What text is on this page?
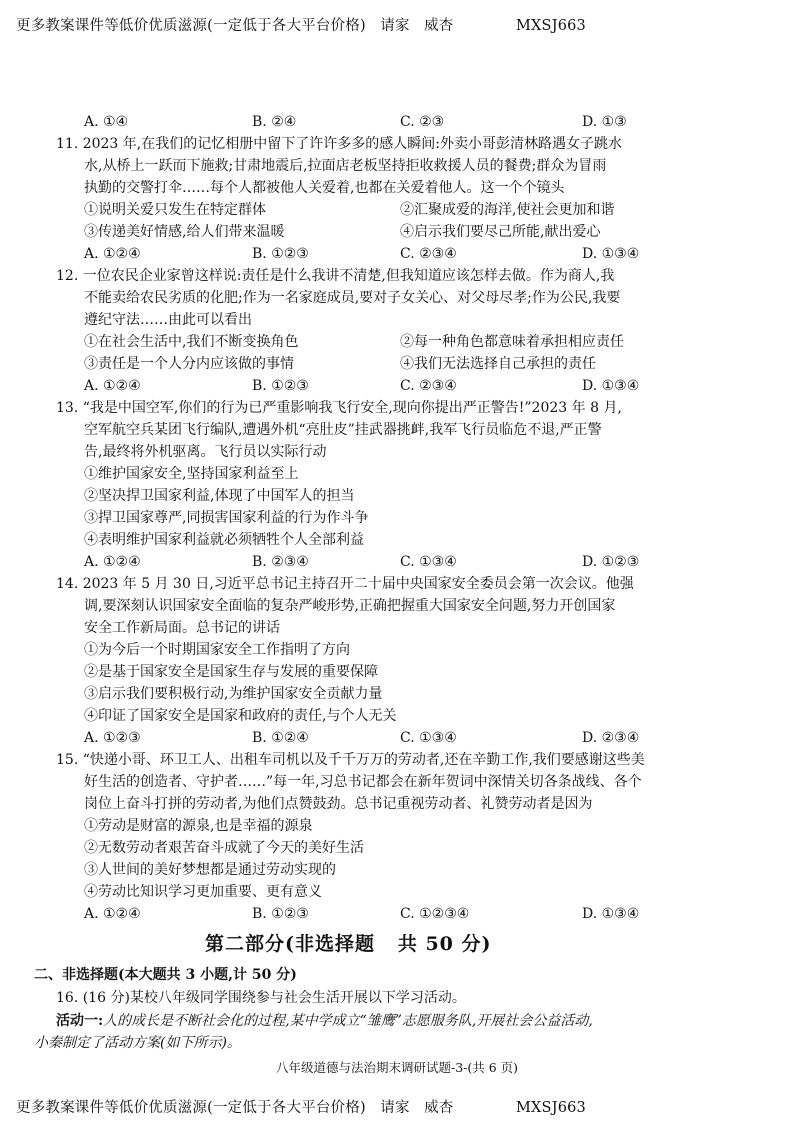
更多教案课件等低价优质滋源(一定低于各大平台价格)   请家   威杏             MXSJ663
A. ①④	B. ②④	C. ②③	D. ①③
11. 2023 年,在我们的记忆相册中留下了许许多多的感人瞬间:外卖小哥彭清林路遇女子跳水
水,从桥上一跃而下施救;甘肃地震后,拉面店老板坚持拒收救援人员的餐费;群众为冒雨
执勤的交警打伞……每个人都被他人关爱着,也都在关爱着他人。这一个个镜头
①说明关爱只发生在特定群体	②汇聚成爱的海洋,使社会更加和谐
③传递美好情感,给人们带来温暖	④启示我们要尽己所能,献出爱心
A. ①②④	B. ①②③	C. ②③④	D. ①③④
12. 一位农民企业家曾这样说:责任是什么我讲不清楚,但我知道应该怎样去做。作为商人,我
不能卖给农民劣质的化肥;作为一名家庭成员,要对子女关心、对父母尽孝;作为公民,我要
遵纪守法……由此可以看出
①在社会生活中,我们不断变换角色	②每一种角色都意味着承担相应责任
③责任是一个人分内应该做的事情	④我们无法选择自己承担的责任
A. ①②④	B. ①②③	C. ②③④	D. ①③④
13. “我是中国空军,你们的行为已严重影响我飞行安全,现向你提出严正警告!”2023 年 8 月,
空军航空兵某团飞行编队,遭遇外机“亮肚皮”挂武器挑衅,我军飞行员临危不退,严正警
告,最终将外机驱离。飞行员以实际行动
①维护国家安全,坚持国家利益至上
②坚决捍卫国家利益,体现了中国军人的担当
③捍卫国家尊严,同损害国家利益的行为作斗争
④表明维护国家利益就必须牺牲个人全部利益
A. ①②④	B. ②③④	C. ①③④	D. ①②③
14. 2023 年 5 月 30 日,习近平总书记主持召开二十届中央国家安全委员会第一次会议。他强
调,要深刻认识国家安全面临的复杂严峻形势,正确把握重大国家安全问题,努力开创国家
安全工作新局面。总书记的讲话
①为今后一个时期国家安全工作指明了方向
②是基于国家安全是国家生存与发展的重要保障
③启示我们要积极行动,为维护国家安全贡献力量
④印证了国家安全是国家和政府的责任,与个人无关
A. ①②③	B. ①②④	C. ①③④	D. ②③④
15. “快递小哥、环卫工人、出租车司机以及千千万万的劳动者,还在辛勤工作,我们要感谢这些美
好生活的创造者、守护者……”每一年,习总书记都会在新年贺词中深情关切各条战线、各个
岗位上奋斗打拼的劳动者,为他们点赞鼓劲。总书记重视劳动者、礼赞劳动者是因为
①劳动是财富的源泉,也是幸福的源泉
②无数劳动者艰苦奋斗成就了今天的美好生活
③人世间的美好梦想都是通过劳动实现的
④劳动比知识学习更加重要、更有意义
A. ①②④	B. ①②③	C. ①②③④	D. ①③④
第二部分(非选择题   共 50 分)
二、非选择题(本大题共 3 小题,计 50 分)
16. (16 分)某校八年级同学围绕参与社会生活开展以下学习活动。
活动一:人的成长是不断社会化的过程,某中学成立“雏鹰”志愿服务队,开展社会公益活动,
小秦制定了活动方案(如下所示)。
八年级道德与法治期末调研试题-3-(共 6 页)
更多教案课件等低价优质滋源(一定低于各大平台价格)   请家   威杏             MXSJ663
